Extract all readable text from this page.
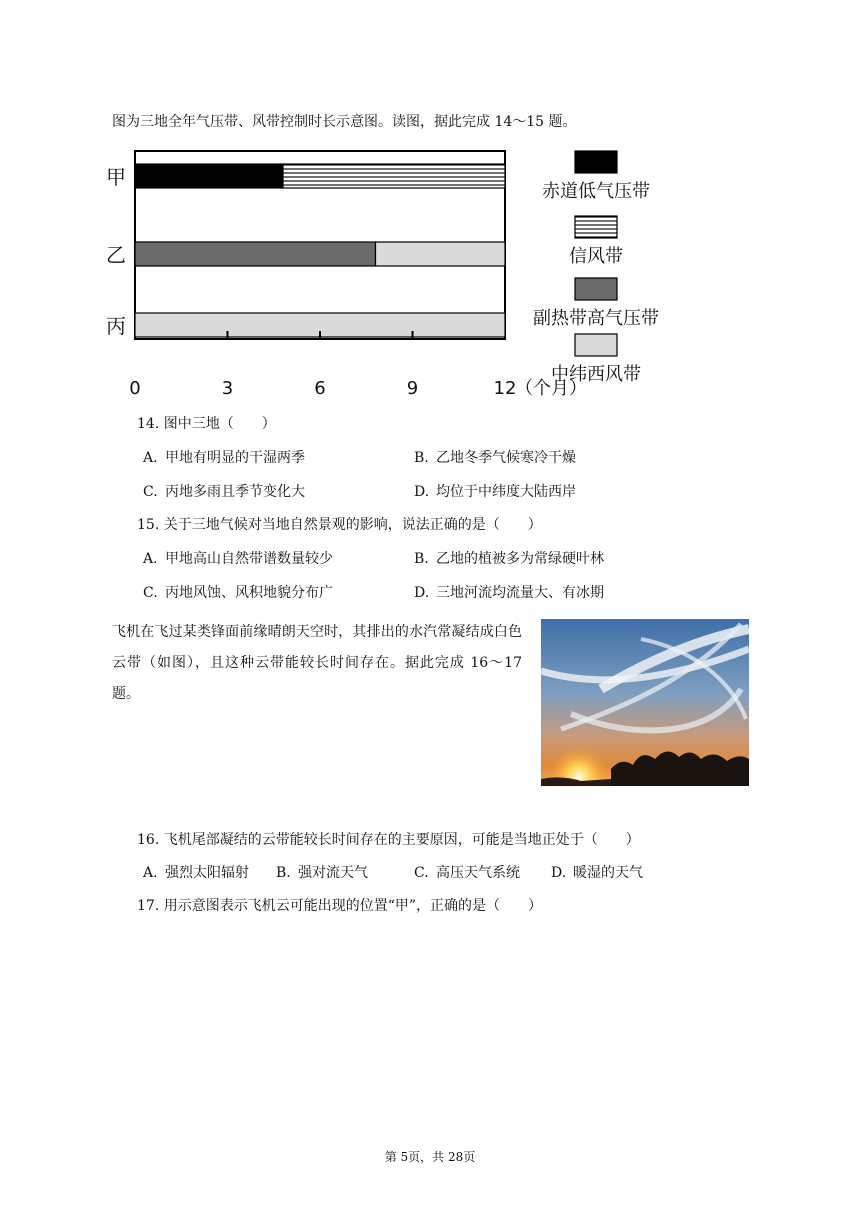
图为三地全年气压带、风带控制时长示意图。读图，据此完成 14～15 题。
甲
乙
丙
0	3	6	9	12
（个月）
赤道低气压带
信风带
副热带高气压带
中纬西风带
14. 图中三地（　　）
A. 甲地有明显的干湿两季	B. 乙地冬季气候寒冷干燥
C. 丙地多雨且季节变化大	D. 均位于中纬度大陆西岸
15. 关于三地气候对当地自然景观的影响，说法正确的是（　　）
A. 甲地高山自然带谱数量较少	B. 乙地的植被多为常绿硬叶林
C. 丙地风蚀、风积地貌分布广	D. 三地河流均流量大、有冰期
飞机在飞过某类锋面前缘晴朗天空时，其排出的水汽常凝结成白色云带（如图），且这种云带能较长时间存在。据此完成 16～17 题。
16. 飞机尾部凝结的云带能较长时间存在的主要原因，可能是当地正处于（　　）
A. 强烈太阳辐射 B. 强对流天气	C. 高压天气系统 D. 暖湿的天气
17. 用示意图表示飞机云可能出现的位置“甲”，正确的是（　　）
第 5页，共 28页
